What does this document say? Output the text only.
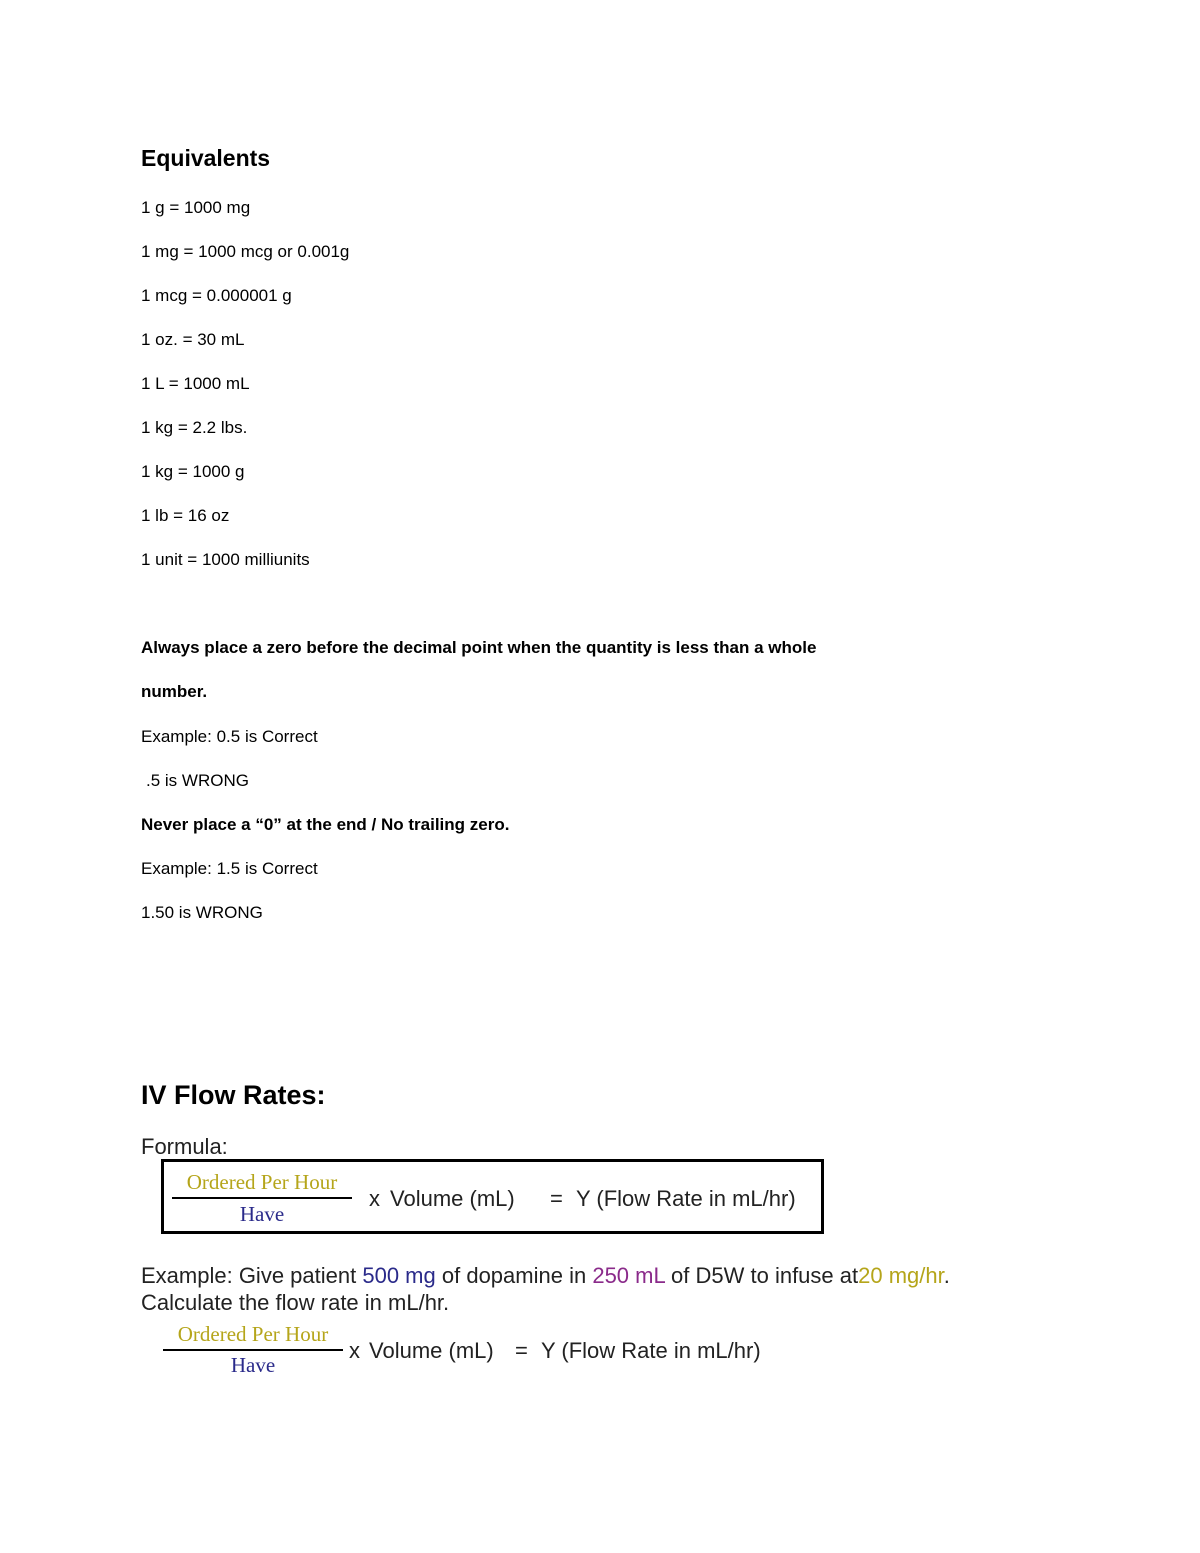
Equivalents
1 g = 1000 mg
1 mg = 1000 mcg or 0.001g
1 mcg = 0.000001 g
1 oz. = 30 mL
1 L = 1000 mL
1 kg = 2.2 lbs.
1 kg = 1000 g
1 lb = 16 oz
1 unit = 1000 milliunits
Always place a zero before the decimal point when the quantity is less than a whole
number.
Example: 0.5 is Correct
.5 is WRONG
Never place a “0” at the end / No trailing zero.
Example: 1.5 is Correct
1.50 is WRONG
IV Flow Rates:
Formula:
Ordered Per Hour
Have
x Volume (mL) = Y (Flow Rate in mL/hr)
Example: Give patient 500 mg of dopamine in 250 mL of D5W to infuse at20 mg/hr.
Calculate the flow rate in mL/hr.
Ordered Per Hour
Have
x Volume (mL) = Y (Flow Rate in mL/hr)
